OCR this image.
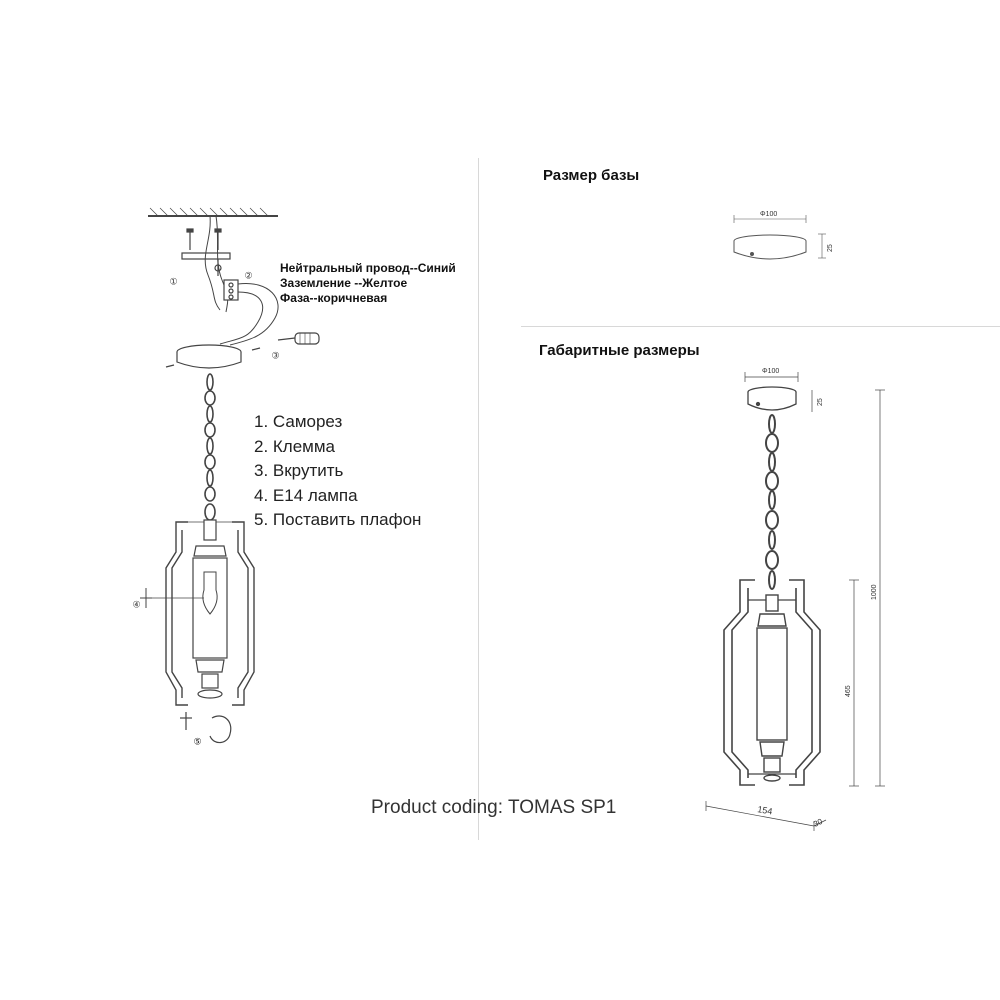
①
②
③
④
⑤
Φ100
25
Φ100
25
1000
465
154
30
Нейтральный провод--Синий
Заземление --Желтое
Фаза--коричневая
1. Саморез
2. Клемма
3. Вкрутить
4. E14 лампа
5. Поставить плафон
Размер базы
Габаритные размеры
Product coding: TOMAS SP1
